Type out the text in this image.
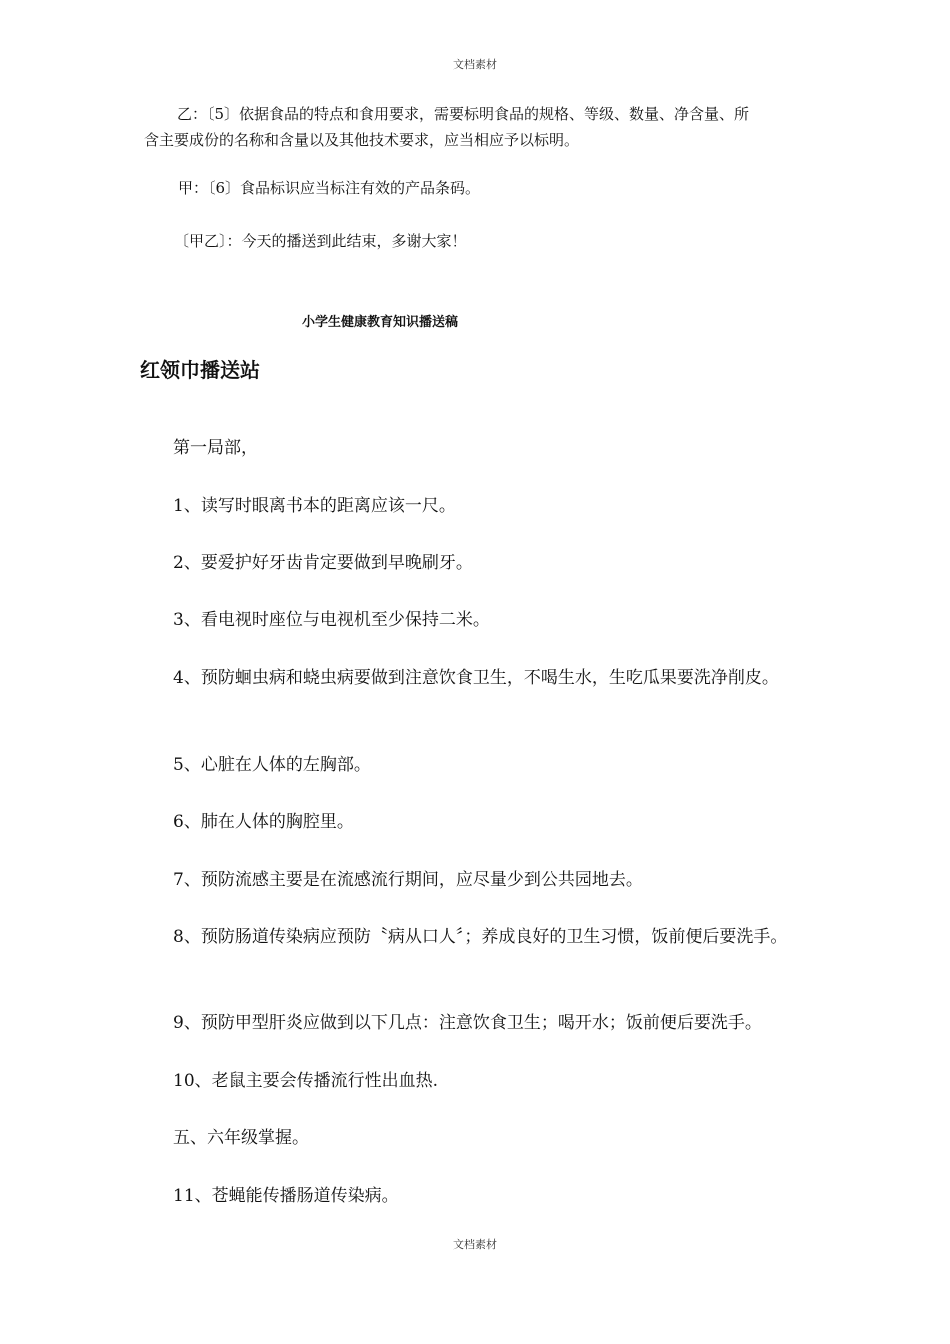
文档素材
乙：〔5〕依据食品的特点和食用要求，需要标明食品的规格、等级、数量、净含量、所
含主要成份的名称和含量以及其他技术要求，应当相应予以标明。
甲：〔6〕食品标识应当标注有效的产品条码。
〔甲乙〕：今天的播送到此结束，多谢大家！
小学生健康教育知识播送稿
红领巾播送站
第一局部，
1、读写时眼离书本的距离应该一尺。
2、要爱护好牙齿肯定要做到早晚刷牙。
3、看电视时座位与电视机至少保持二米。
4、预防蛔虫病和蛲虫病要做到注意饮食卫生，不喝生水，生吃瓜果要洗净削皮。
5、心脏在人体的左胸部。
6、肺在人体的胸腔里。
7、预防流感主要是在流感流行期间，应尽量少到公共园地去。
8、预防肠道传染病应预防〝病从口人〞；养成良好的卫生习惯，饭前便后要洗手。
9、预防甲型肝炎应做到以下几点：注意饮食卫生；喝开水；饭前便后要洗手。
10、老鼠主要会传播流行性出血热.
五、六年级掌握。
11、苍蝇能传播肠道传染病。
文档素材
